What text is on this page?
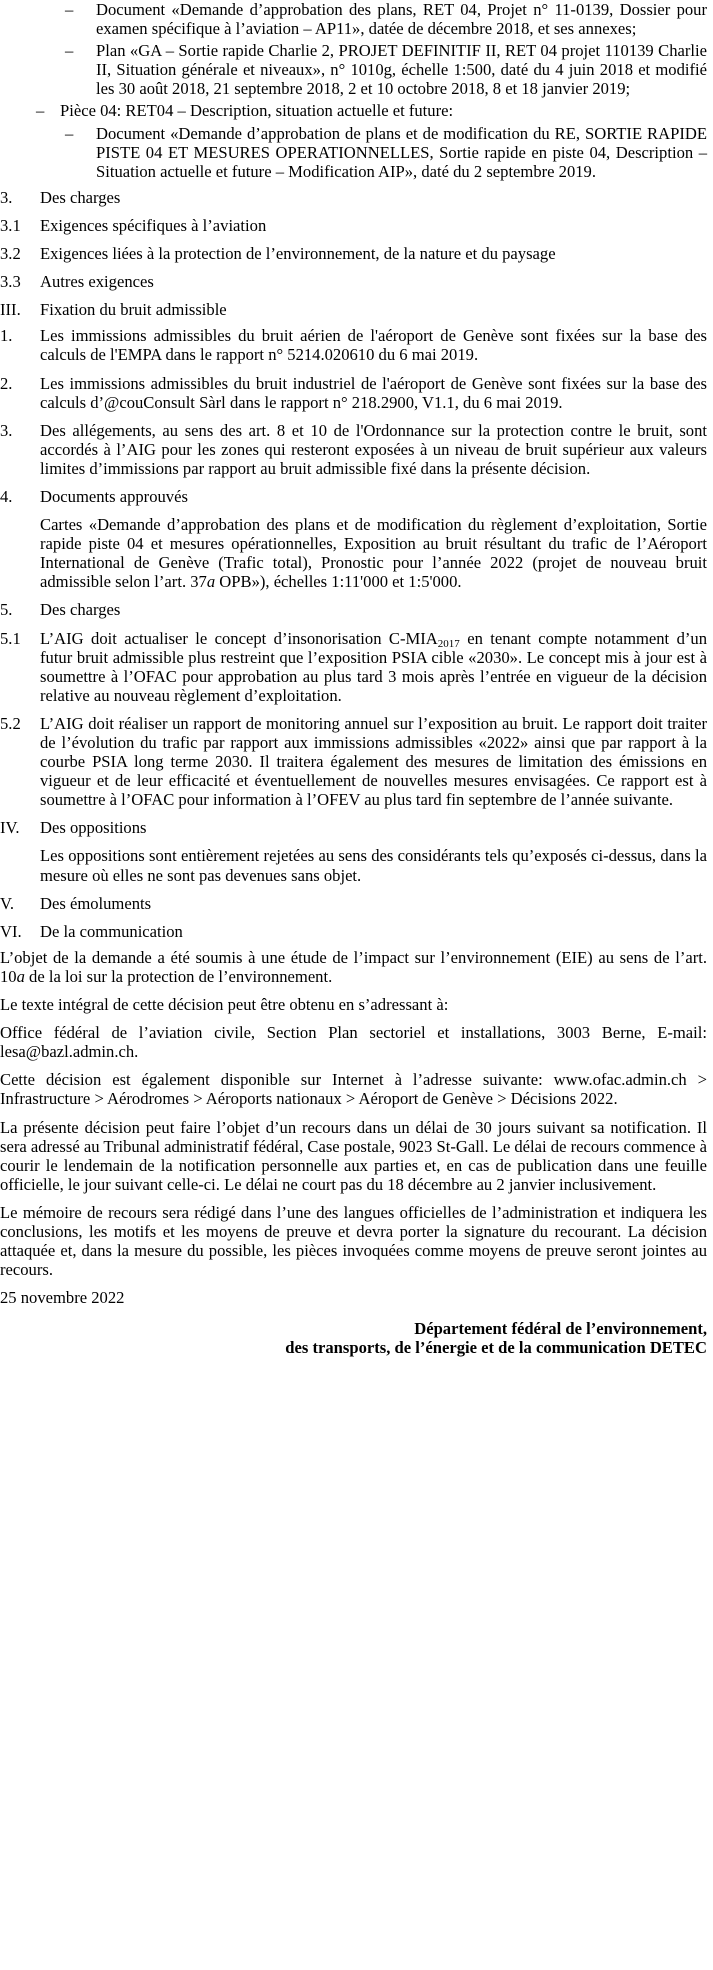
–	Document «Demande d’approbation des plans, RET 04, Projet n° 11-0139, Dossier pour examen spécifique à l’aviation – AP11», datée de décembre 2018, et ses annexes;
–	Plan «GA – Sortie rapide Charlie 2, PROJET DEFINITIF II, RET 04 projet 110139 Charlie II, Situation générale et niveaux», n° 1010g, échelle 1:500, daté du 4 juin 2018 et modifié les 30 août 2018, 21 septembre 2018, 2 et 10 octobre 2018, 8 et 18 janvier 2019;
– Pièce 04: RET04 – Description, situation actuelle et future:
–	Document «Demande d’approbation de plans et de modification du RE, SORTIE RAPIDE PISTE 04 ET MESURES OPERATIONNELLES, Sortie rapide en piste 04, Description – Situation actuelle et future – Modification AIP», daté du 2 septembre 2019.
3.	Des charges
3.1	Exigences spécifiques à l’aviation
3.2	Exigences liées à la protection de l’environnement, de la nature et du paysage
3.3	Autres exigences
III.	Fixation du bruit admissible
1.	Les immissions admissibles du bruit aérien de l'aéroport de Genève sont fixées sur la base des calculs de l'EMPA dans le rapport n° 5214.020610 du 6 mai 2019.
2.	Les immissions admissibles du bruit industriel de l'aéroport de Genève sont fixées sur la base des calculs d’@couConsult Sàrl dans le rapport n° 218.2900, V1.1, du 6 mai 2019.
3.	Des allégements, au sens des art. 8 et 10 de l'Ordonnance sur la protection contre le bruit, sont accordés à l’AIG pour les zones qui resteront exposées à un niveau de bruit supérieur aux valeurs limites d’immissions par rapport au bruit admissible fixé dans la présente décision.
4.	Documents approuvés
Cartes «Demande d’approbation des plans et de modification du règlement d’exploitation, Sortie rapide piste 04 et mesures opérationnelles, Exposition au bruit résultant du trafic de l’Aéroport International de Genève (Trafic total), Pronostic pour l’année 2022 (projet de nouveau bruit admissible selon l’art. 37a OPB»), échelles 1:11'000 et 1:5'000.
5.	Des charges
5.1	L’AIG doit actualiser le concept d’insonorisation $C-MIA_{2017}$ en tenant compte notamment d’un futur bruit admissible plus restreint que l’exposition PSIA cible «2030». Le concept mis à jour est à soumettre à l’OFAC pour approbation au plus tard 3 mois après l’entrée en vigueur de la décision relative au nouveau règlement d’exploitation.
5.2	L’AIG doit réaliser un rapport de monitoring annuel sur l’exposition au bruit. Le rapport doit traiter de l’évolution du trafic par rapport aux immissions admissibles «2022» ainsi que par rapport à la courbe PSIA long terme 2030. Il traitera également des mesures de limitation des émissions en vigueur et de leur efficacité et éventuellement de nouvelles mesures envisagées. Ce rapport est à soumettre à l’OFAC pour information à l’OFEV au plus tard fin septembre de l’année suivante.
IV.	Des oppositions
Les oppositions sont entièrement rejetées au sens des considérants tels qu’exposés ci-dessus, dans la mesure où elles ne sont pas devenues sans objet.
V.	Des émoluments
VI.	De la communication
L’objet de la demande a été soumis à une étude de l’impact sur l’environnement (EIE) au sens de l’art. 10a de la loi sur la protection de l’environnement.
Le texte intégral de cette décision peut être obtenu en s’adressant à:
Office fédéral de l’aviation civile, Section Plan sectoriel et installations, 3003 Berne, E-mail: lesa@bazl.admin.ch.
Cette décision est également disponible sur Internet à l’adresse suivante: www.ofac.admin.ch > Infrastructure > Aérodromes > Aéroports nationaux > Aéroport de Genève > Décisions 2022.
La présente décision peut faire l’objet d’un recours dans un délai de 30 jours suivant sa notification. Il sera adressé au Tribunal administratif fédéral, Case postale, 9023 St-Gall. Le délai de recours commence à courir le lendemain de la notification personnelle aux parties et, en cas de publication dans une feuille officielle, le jour suivant celle-ci. Le délai ne court pas du 18 décembre au 2 janvier inclusivement.
Le mémoire de recours sera rédigé dans l’une des langues officielles de l’administration et indiquera les conclusions, les motifs et les moyens de preuve et devra porter la signature du recourant. La décision attaquée et, dans la mesure du possible, les pièces invoquées comme moyens de preuve seront jointes au recours.
25 novembre 2022
Département fédéral de l’environnement,
des transports, de l’énergie et de la communication DETEC
